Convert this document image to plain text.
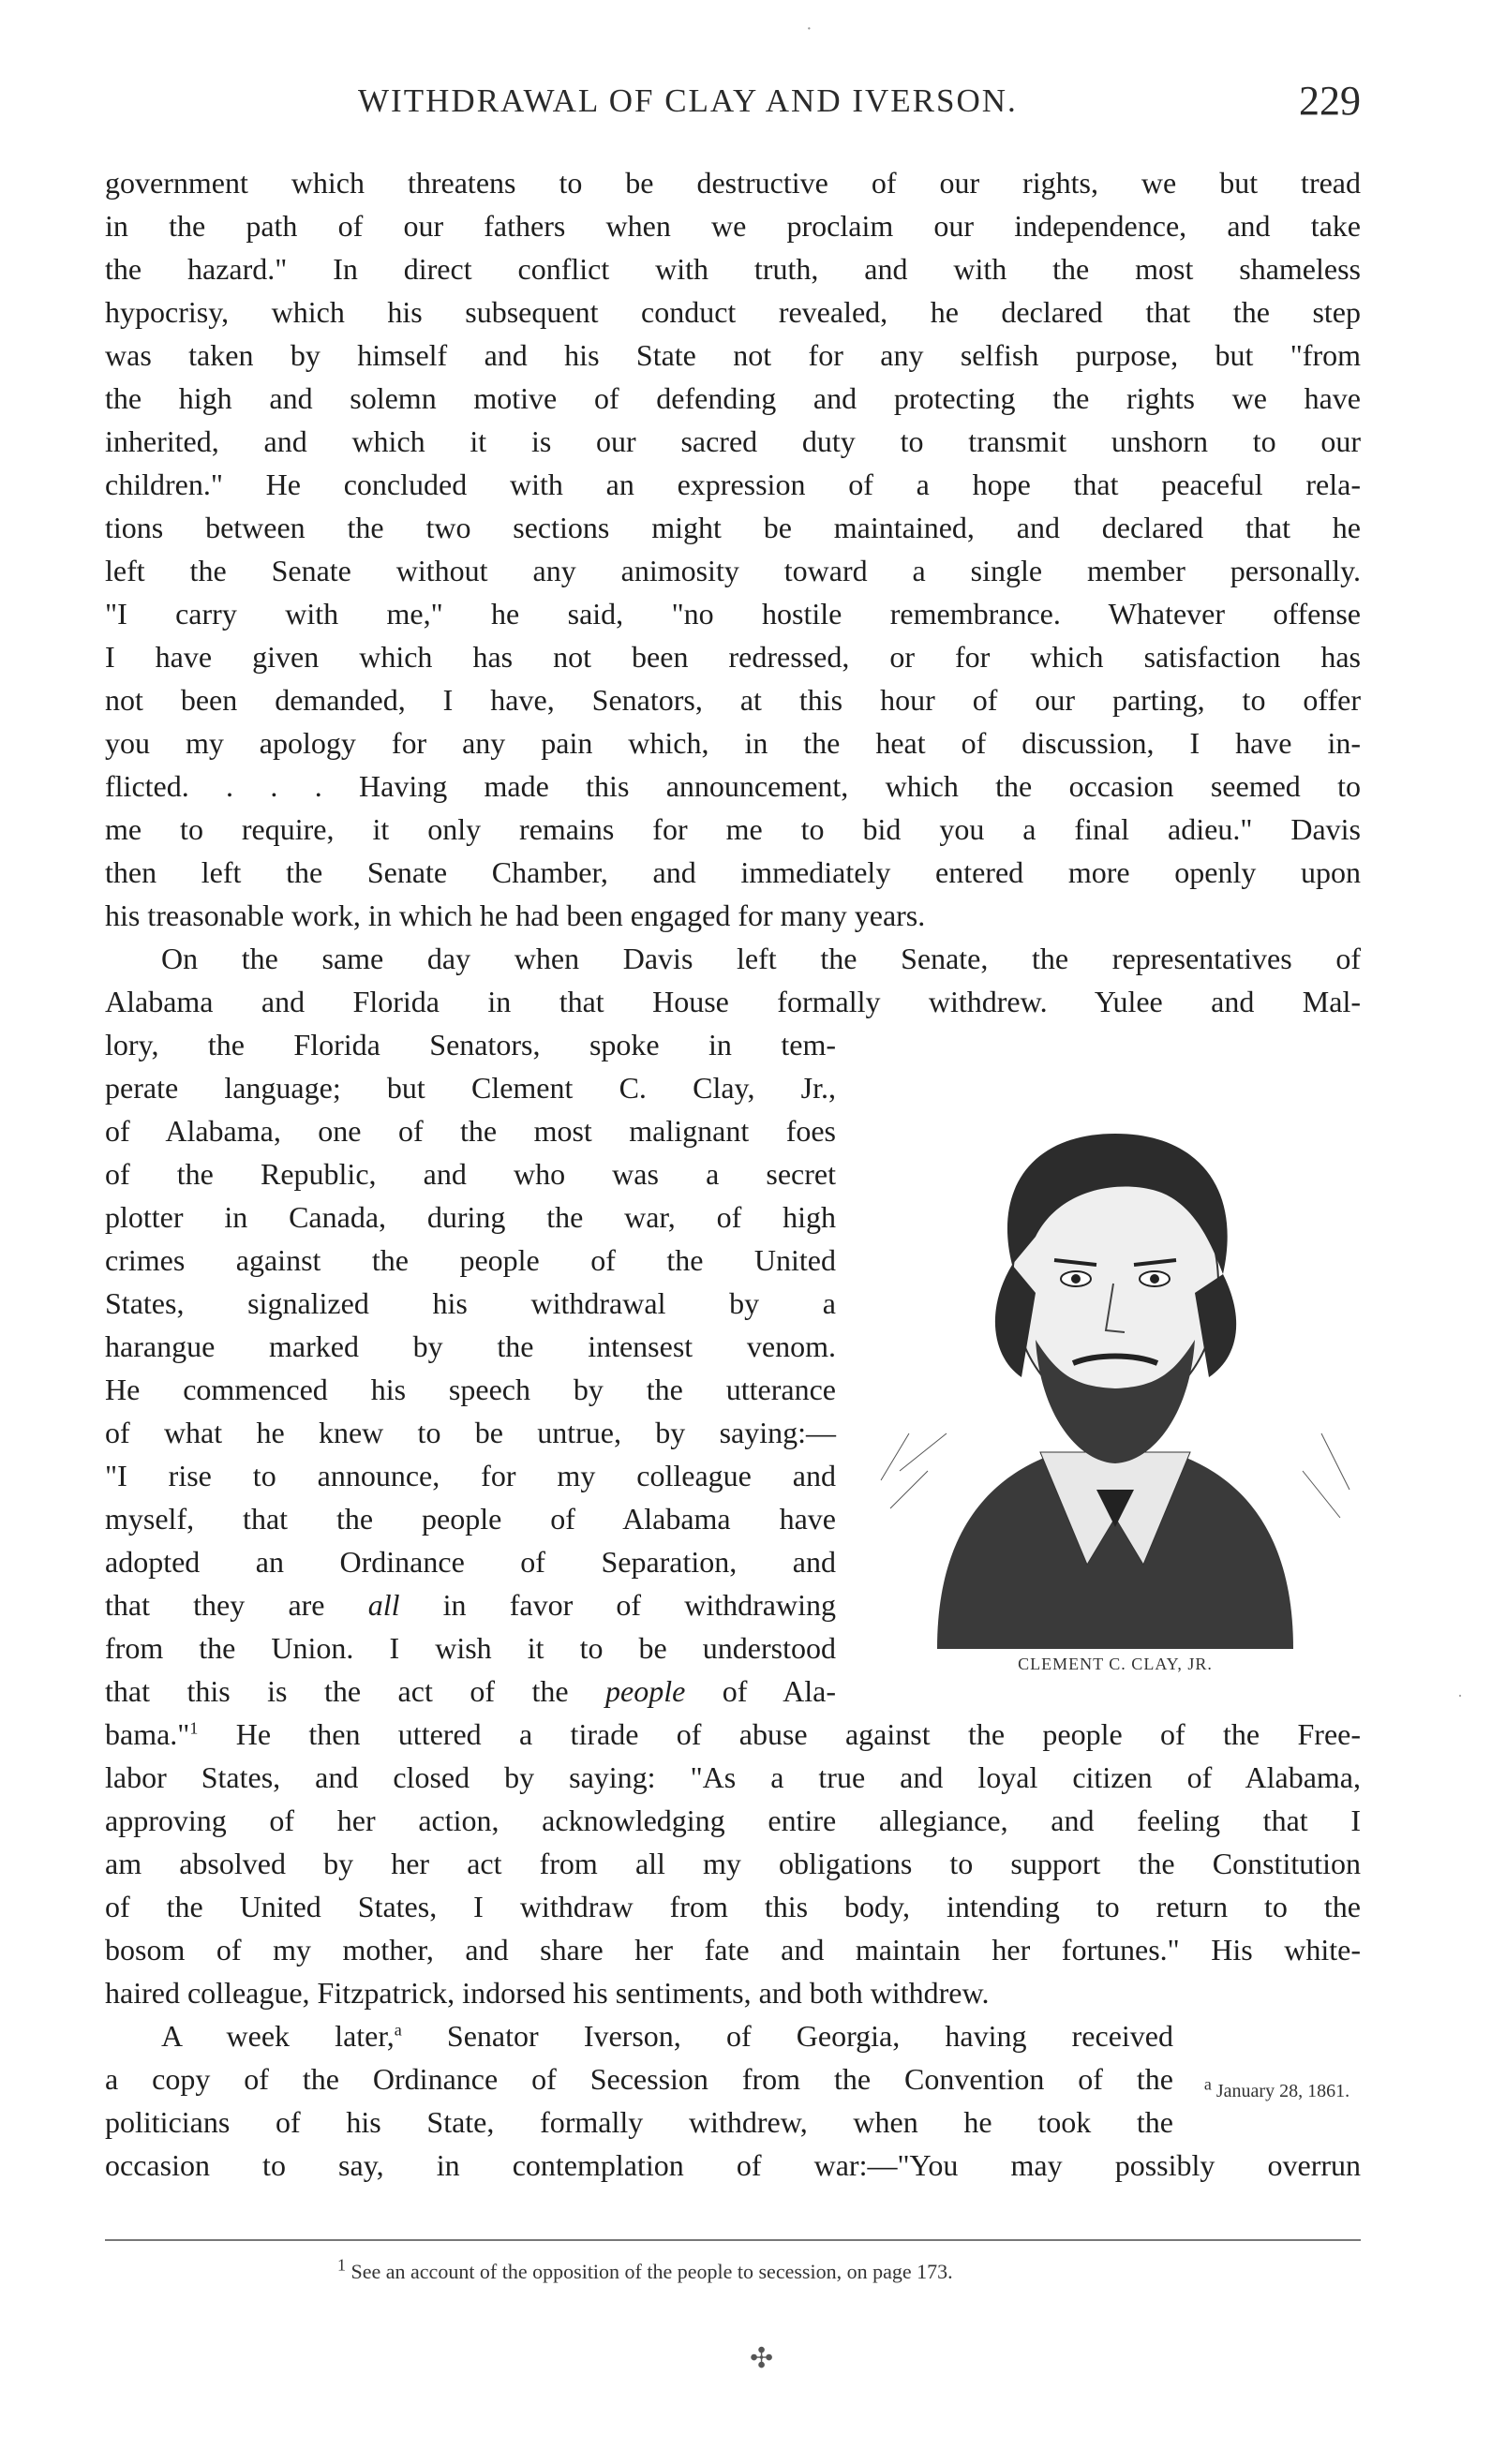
·
WITHDRAWAL OF CLAY AND IVERSON.	229
government which threatens to be destructive of our rights, we but tread
in the path of our fathers when we proclaim our independence, and take
the hazard." In direct conflict with truth, and with the most shameless
hypocrisy, which his subsequent conduct revealed, he declared that the step
was taken by himself and his State not for any selfish purpose, but "from
the high and solemn motive of defending and protecting the rights we have
inherited, and which it is our sacred duty to transmit unshorn to our
children." He concluded with an expression of a hope that peaceful rela-
tions between the two sections might be maintained, and declared that he
left the Senate without any animosity toward a single member personally.
"I carry with me," he said, "no hostile remembrance. Whatever offense
I have given which has not been redressed, or for which satisfaction has
not been demanded, I have, Senators, at this hour of our parting, to offer
you my apology for any pain which, in the heat of discussion, I have in-
flicted. . . . Having made this announcement, which the occasion seemed to
me to require, it only remains for me to bid you a final adieu." Davis
then left the Senate Chamber, and immediately entered more openly upon
his treasonable work, in which he had been engaged for many years.
On the same day when Davis left the Senate, the representatives of
Alabama and Florida in that House formally withdrew. Yulee and Mal-
lory, the Florida Senators, spoke in tem-
perate language; but Clement C. Clay, Jr.,
of Alabama, one of the most malignant foes
of the Republic, and who was a secret
plotter in Canada, during the war, of high
crimes against the people of the United
States, signalized his withdrawal by a
harangue marked by the intensest venom.
He commenced his speech by the utterance
of what he knew to be untrue, by saying:—
"I rise to announce, for my colleague and
myself, that the people of Alabama have
adopted an Ordinance of Separation, and
that they are all in favor of withdrawing
from the Union. I wish it to be understood
that this is the act of the people of Ala-
bama."$^1$ He then uttered a tirade of abuse against the people of the Free-
labor States, and closed by saying: "As a true and loyal citizen of Alabama,
approving of her action, acknowledging entire allegiance, and feeling that I
am absolved by her act from all my obligations to support the Constitution
of the United States, I withdraw from this body, intending to return to the
bosom of my mother, and share her fate and maintain her fortunes." His white-
haired colleague, Fitzpatrick, indorsed his sentiments, and both withdrew.
A week later,$^a$ Senator Iverson, of Georgia, having received
a copy of the Ordinance of Secession from the Convention of the
politicians of his State, formally withdrew, when he took the
occasion to say, in contemplation of war:—"You may possibly overrun
CLEMENT C. CLAY, JR.
$^a$ January 28, 1861.
$^1$ See an account of the opposition of the people to secession, on page 173.
✣
·
